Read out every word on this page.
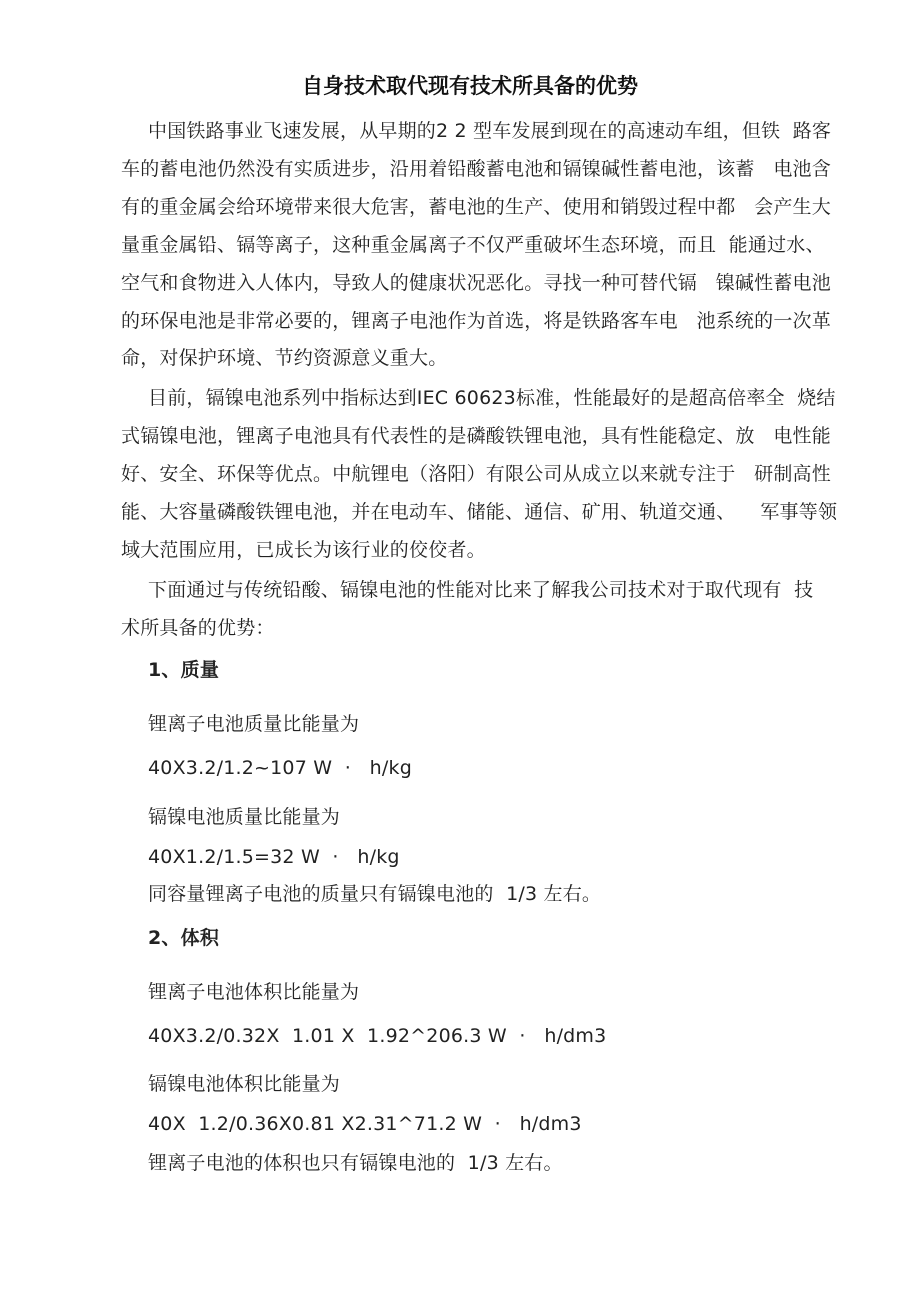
自身技术取代现有技术所具备的优势
中国铁路事业飞速发展，从早期的2 2 型车发展到现在的高速动车组，但铁  路客
车的蓄电池仍然没有实质进步，沿用着铅酸蓄电池和镉镍碱性蓄电池，该蓄   电池含
有的重金属会给环境带来很大危害，蓄电池的生产、使用和销毁过程中都   会产生大
量重金属铅、镉等离子，这种重金属离子不仅严重破坏生态环境，而且  能通过水、
空气和食物进入人体内，导致人的健康状况恶化。寻找一种可替代镉   镍碱性蓄电池
的环保电池是非常必要的，锂离子电池作为首选，将是铁路客车电   池系统的一次革
命，对保护环境、节约资源意义重大。
目前，镉镍电池系列中指标达到IEC 60623标准，性能最好的是超高倍率全  烧结
式镉镍电池，锂离子电池具有代表性的是磷酸铁锂电池，具有性能稳定、放   电性能
好、安全、环保等优点。中航锂电（洛阳）有限公司从成立以来就专注于   研制高性
能、大容量磷酸铁锂电池，并在电动车、储能、通信、矿用、轨道交通、    军事等领
域大范围应用，已成长为该行业的佼佼者。
下面通过与传统铅酸、镉镍电池的性能对比来了解我公司技术对于取代现有  技
术所具备的优势：
1、质量
锂离子电池质量比能量为
40X3.2/1.2~107 W  ·   h/kg
镉镍电池质量比能量为
40X1.2/1.5=32 W  ·   h/kg
同容量锂离子电池的质量只有镉镍电池的  1/3 左右。
2、体积
锂离子电池体积比能量为
40X3.2/0.32X  1.01 X  1.92^206.3 W  ·   h/dm3
镉镍电池体积比能量为
40X  1.2/0.36X0.81 X2.31^71.2 W  ·   h/dm3
锂离子电池的体积也只有镉镍电池的  1/3 左右。
